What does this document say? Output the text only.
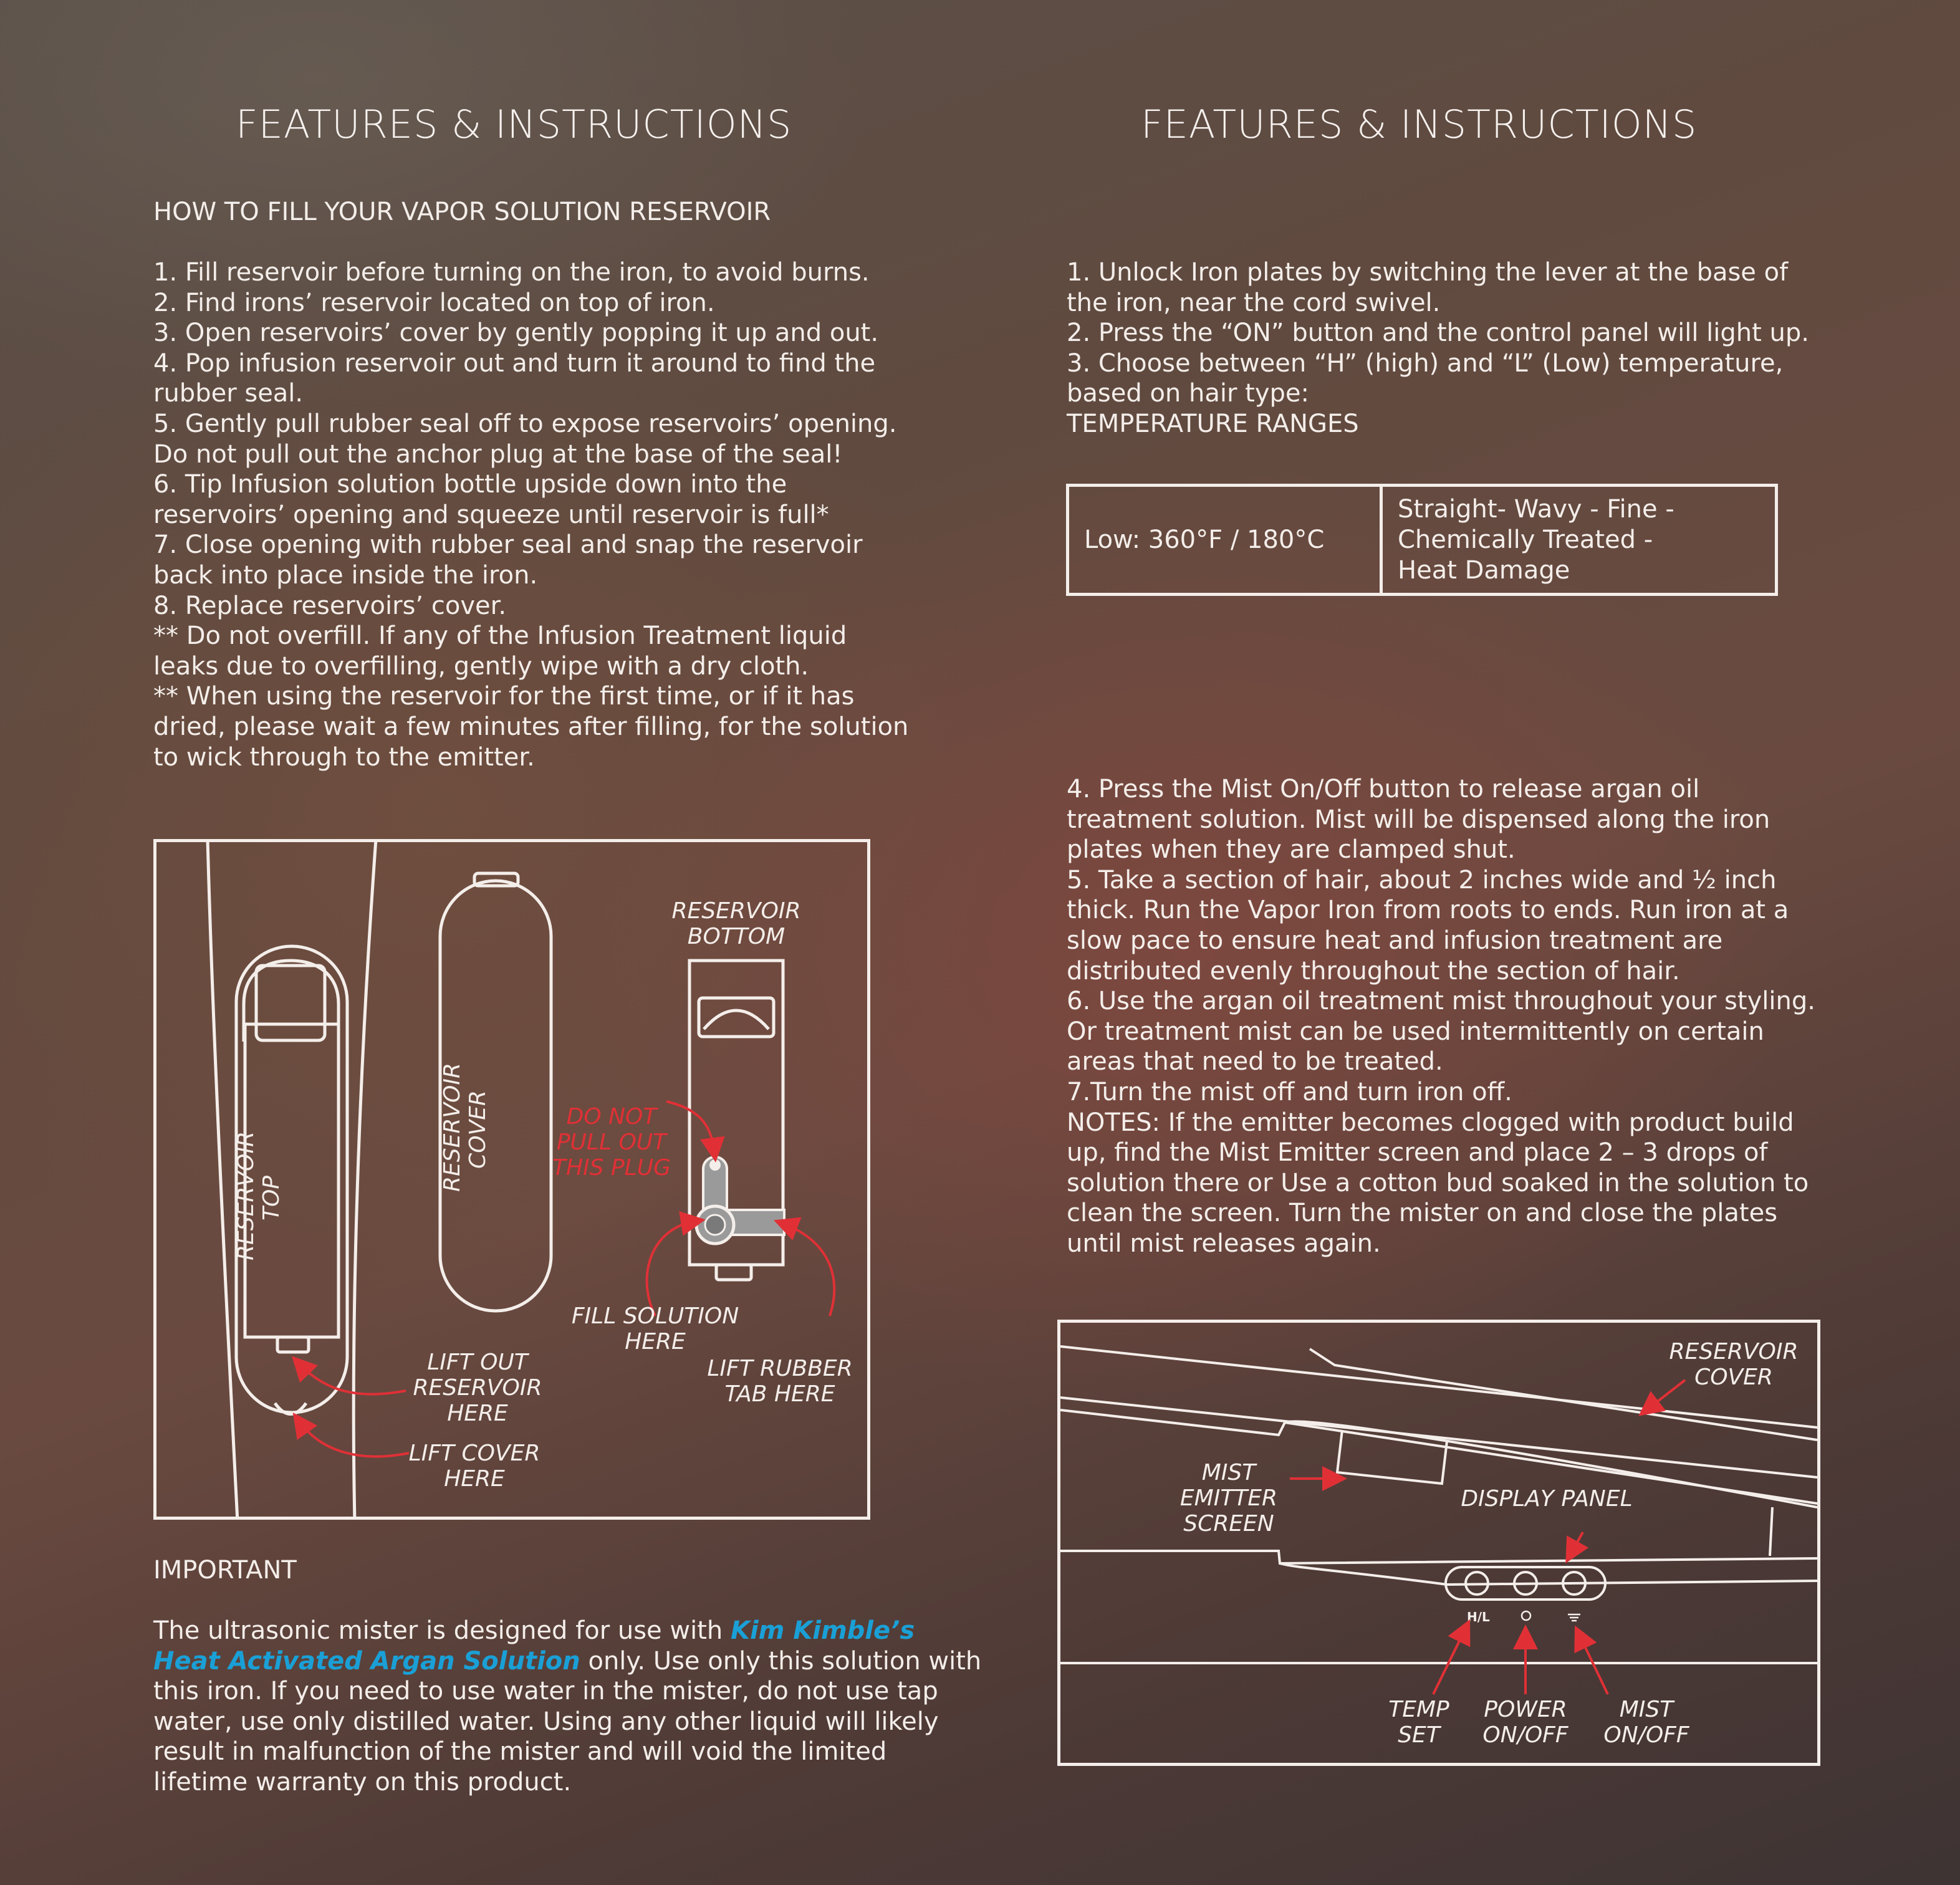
FEATURES & INSTRUCTIONS
HOW TO FILL YOUR VAPOR SOLUTION RESERVOIR
1. Fill reservoir before turning on the iron, to avoid burns.
2. Find irons’ reservoir located on top of iron.
3. Open reservoirs’ cover by gently popping it up and out.
4. Pop infusion reservoir out and turn it around to find the
rubber seal.
5. Gently pull rubber seal off to expose reservoirs’ opening.
Do not pull out the anchor plug at the base of the seal!
6. Tip Infusion solution bottle upside down into the
reservoirs’ opening and squeeze until reservoir is full*
7. Close opening with rubber seal and snap the reservoir
back into place inside the iron.
8. Replace reservoirs’ cover.
** Do not overfill. If any of the Infusion Treatment liquid
leaks due to overfilling, gently wipe with a dry cloth.
** When using the reservoir for the first time, or if it has
dried, please wait a few minutes after filling, for the solution
to wick through to the emitter.
RESERVOIR TOP
RESERVOIR COVER
RESERVOIR
BOTTOM
DO NOT
PULL OUT
THIS PLUG
FILL SOLUTION
HERE
LIFT RUBBER
TAB HERE
LIFT OUT
RESERVOIR
HERE
LIFT COVER
HERE
IMPORTANT
The ultrasonic mister is designed for use with Kim Kimble’s
Heat Activated Argan Solution only. Use only this solution with
this iron. If you need to use water in the mister, do not use tap
water, use only distilled water. Using any other liquid will likely
result in malfunction of the mister and will void the limited
lifetime warranty on this product.
FEATURES & INSTRUCTIONS
1. Unlock Iron plates by switching the lever at the base of
the iron, near the cord swivel.
2. Press the “ON” button and the control panel will light up.
3. Choose between “H” (high) and “L” (Low) temperature,
based on hair type:
TEMPERATURE RANGES
Low: 360°F / 180°C	
Straight- Wavy - Fine -
Chemically Treated -
Heat Damage
4. Press the Mist On/Off button to release argan oil
treatment solution. Mist will be dispensed along the iron
plates when they are clamped shut.
5. Take a section of hair, about 2 inches wide and ½ inch
thick. Run the Vapor Iron from roots to ends. Run iron at a
slow pace to ensure heat and infusion treatment are
distributed evenly throughout the section of hair.
6. Use the argan oil treatment mist throughout your styling.
Or treatment mist can be used intermittently on certain
areas that need to be treated.
7.Turn the mist off and turn iron off.
NOTES: If the emitter becomes clogged with product build
up, find the Mist Emitter screen and place 2 – 3 drops of
solution there or Use a cotton bud soaked in the solution to
clean the screen. Turn the mister on and close the plates
until mist releases again.
H/L
RESERVOIR
COVER
MIST
EMITTER
SCREEN
DISPLAY PANEL
TEMP
SET
POWER
ON/OFF
MIST
ON/OFF
